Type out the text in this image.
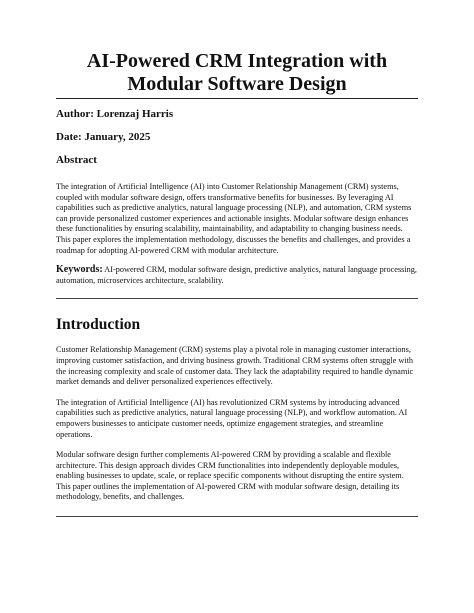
AI-Powered CRM Integration with Modular Software Design
Author: Lorenzaj Harris
Date: January, 2025
Abstract

The integration of Artificial Intelligence (AI) into Customer Relationship Management (CRM) systems, coupled with modular software design, offers transformative benefits for businesses. By leveraging AI capabilities such as predictive analytics, natural language processing (NLP), and automation, CRM systems can provide personalized customer experiences and actionable insights. Modular software design enhances these functionalities by ensuring scalability, maintainability, and adaptability to changing business needs. This paper explores the implementation methodology, discusses the benefits and challenges, and provides a roadmap for adopting AI-powered CRM with modular architecture.

Keywords: AI-powered CRM, modular software design, predictive analytics, natural language processing, automation, microservices architecture, scalability.

Introduction

Customer Relationship Management (CRM) systems play a pivotal role in managing customer interactions, improving customer satisfaction, and driving business growth. Traditional CRM systems often struggle with the increasing complexity and scale of customer data. They lack the adaptability required to handle dynamic market demands and deliver personalized experiences effectively.

The integration of Artificial Intelligence (AI) has revolutionized CRM systems by introducing advanced capabilities such as predictive analytics, natural language processing (NLP), and workflow automation. AI empowers businesses to anticipate customer needs, optimize engagement strategies, and streamline operations.

Modular software design further complements AI-powered CRM by providing a scalable and flexible architecture. This design approach divides CRM functionalities into independently deployable modules, enabling businesses to update, scale, or replace specific components without disrupting the entire system. This paper outlines the implementation of AI-powered CRM with modular software design, detailing its methodology, benefits, and challenges.
